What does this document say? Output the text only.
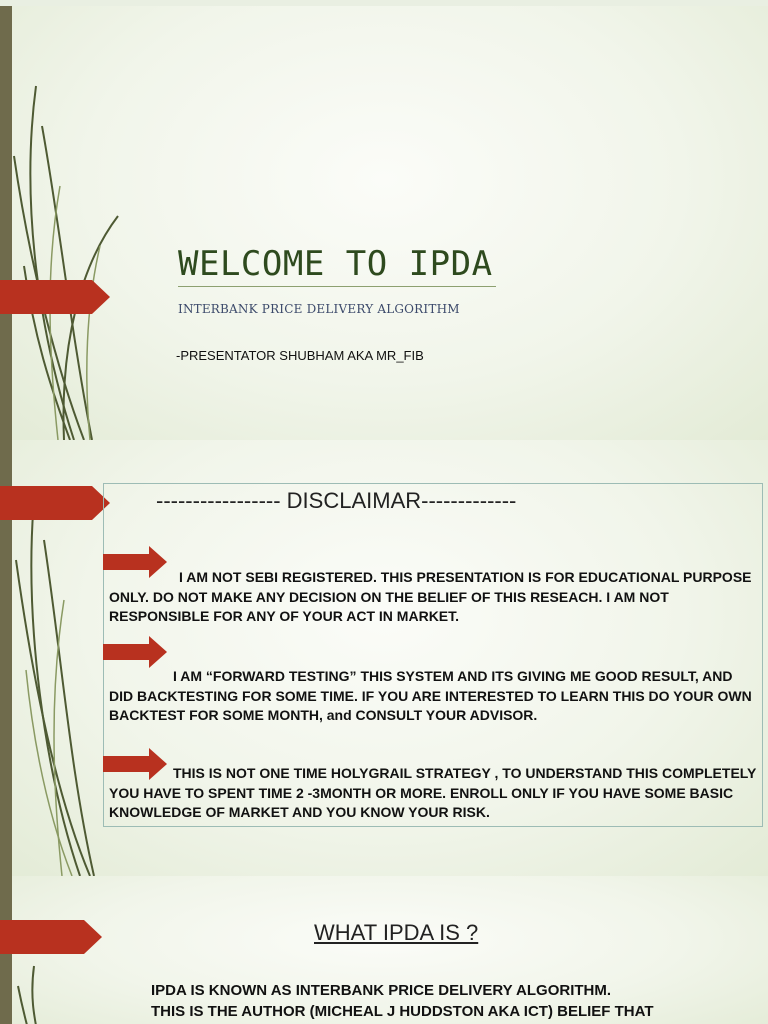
WELCOME TO IPDA
INTERBANK PRICE DELIVERY ALGORITHM
-PRESENTATOR SHUBHAM AKA MR_FIB
----------------- DISCLAIMAR-------------
I AM NOT SEBI REGISTERED. THIS PRESENTATION IS FOR EDUCATIONAL PURPOSE ONLY. DO NOT MAKE ANY DECISION ON THE BELIEF OF THIS RESEACH. I AM NOT RESPONSIBLE FOR ANY OF YOUR ACT IN MARKET.
I AM “FORWARD TESTING” THIS SYSTEM AND ITS GIVING ME GOOD RESULT, AND DID BACKTESTING FOR SOME TIME. IF YOU ARE INTERESTED TO LEARN THIS DO YOUR OWN BACKTEST FOR SOME MONTH, and CONSULT YOUR ADVISOR.
THIS IS NOT ONE TIME HOLYGRAIL STRATEGY , TO UNDERSTAND THIS COMPLETELY YOU HAVE TO SPENT TIME 2 -3MONTH OR MORE. ENROLL ONLY IF YOU HAVE SOME BASIC KNOWLEDGE OF MARKET AND YOU KNOW YOUR RISK.
WHAT IPDA IS ?
IPDA IS KNOWN AS INTERBANK PRICE DELIVERY ALGORITHM.
THIS IS THE AUTHOR (MICHEAL J HUDDSTON AKA ICT) BELIEF THAT
